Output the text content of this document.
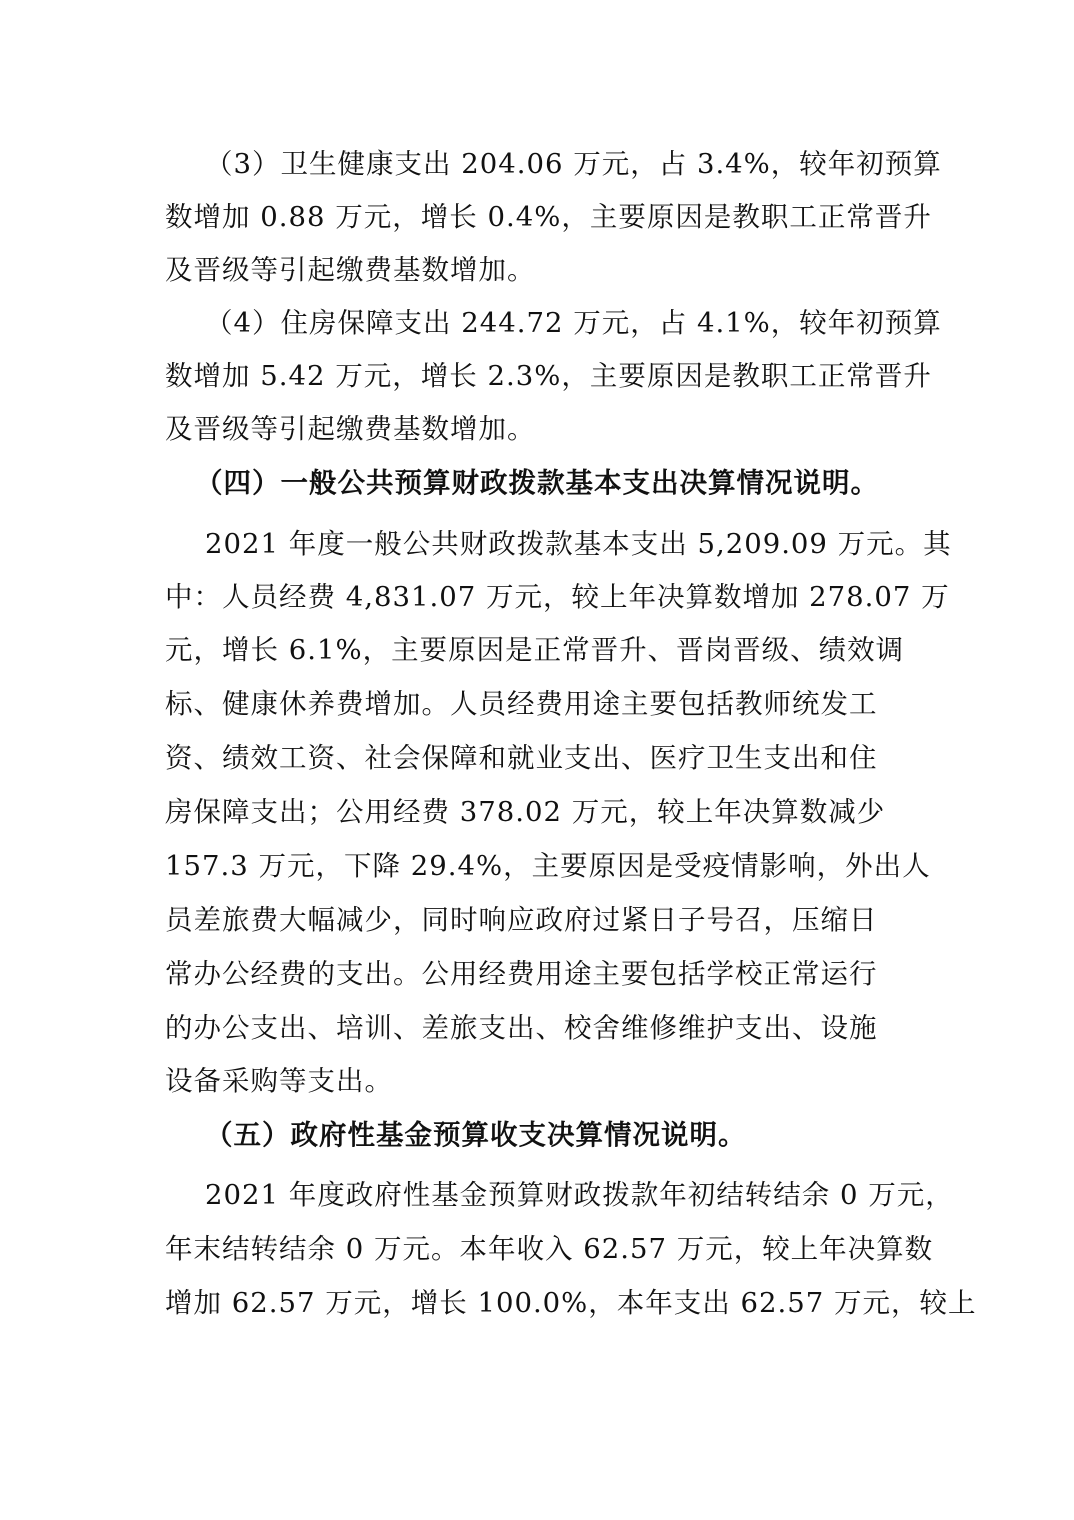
（3）卫生健康支出 204.06 万元，占 3.4%，较年初预算
数增加 0.88 万元，增长 0.4%，主要原因是教职工正常晋升
及晋级等引起缴费基数增加。
（4）住房保障支出 244.72 万元，占 4.1%，较年初预算
数增加 5.42 万元，增长 2.3%，主要原因是教职工正常晋升
及晋级等引起缴费基数增加。
（四）一般公共预算财政拨款基本支出决算情况说明。
2021 年度一般公共财政拨款基本支出 5,209.09 万元。其
中：人员经费 4,831.07 万元，较上年决算数增加 278.07 万
元，增长 6.1%，主要原因是正常晋升、晋岗晋级、绩效调
标、健康休养费增加。人员经费用途主要包括教师统发工
资、绩效工资、社会保障和就业支出、医疗卫生支出和住
房保障支出；公用经费 378.02 万元，较上年决算数减少
157.3 万元，下降 29.4%，主要原因是受疫情影响，外出人
员差旅费大幅减少，同时响应政府过紧日子号召，压缩日
常办公经费的支出。公用经费用途主要包括学校正常运行
的办公支出、培训、差旅支出、校舍维修维护支出、设施
设备采购等支出。
（五）政府性基金预算收支决算情况说明。
2021 年度政府性基金预算财政拨款年初结转结余 0 万元，
年末结转结余 0 万元。本年收入 62.57 万元，较上年决算数
增加 62.57 万元，增长 100.0%，本年支出 62.57 万元，较上
